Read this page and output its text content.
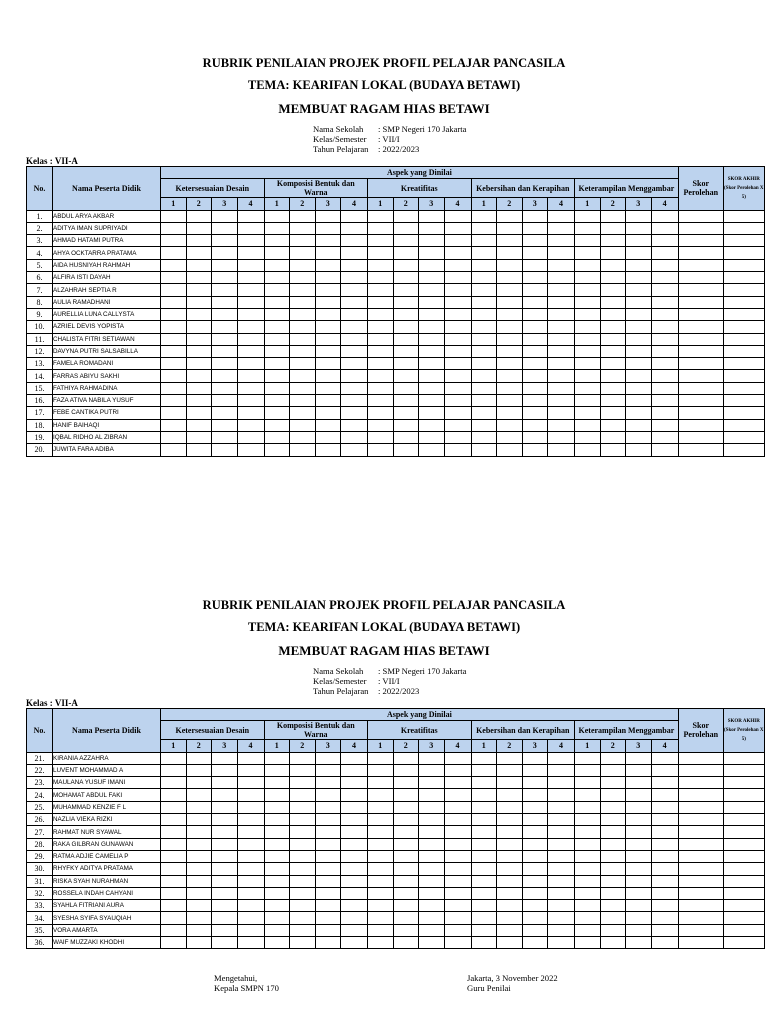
RUBRIK PENILAIAN PROJEK PROFIL PELAJAR PANCASILA
TEMA: KEARIFAN LOKAL (BUDAYA BETAWI)
MEMBUAT RAGAM HIAS BETAWI
Nama Sekolah	: SMP Negeri 170 Jakarta
Kelas/Semester	: VII/I
Tahun Pelajaran	: 2022/2023
Kelas : VII-A
No.	Nama Peserta Didik	Aspek yang Dinilai																				Skor Perolehan	SKOR AKHIR (Skor Perolehan X 5)
		Ketersesuaian Desain				Komposisi Bentuk dan Warna				Kreatifitas				Kebersihan dan Kerapihan				Keterampilan Menggambar					
		1	2	3	4	1	2	3	4	1	2	3	4	1	2	3	4	1	2	3	4		
1.	ABDUL ARYA AKBAR																						
2.	ADITYA IMAN SUPRIYADI																						
3.	AHMAD HATAMI PUTRA																						
4.	AHYA OCKTARRA PRATAMA																						
5.	AIDA HUSNIYAH RAHMAH																						
6.	ALFIRA ISTI DAYAH																						
7.	ALZAHRAH SEPTIA R																						
8.	AULIA RAMADHANI																						
9.	AURELLIA LUNA CALLYSTA																						
10.	AZRIEL DEVIS YOPISTA																						
11.	CHALISTA FITRI SETIAWAN																						
12.	DAVYNA PUTRI SALSABILLA																						
13.	FAMELA ROMADANI																						
14.	FARRAS ABIYU SAKHI																						
15.	FATHIYA RAHMADINA																						
16.	FAZA ATIVA NABILA YUSUF																						
17.	FEBE CANTIKA PUTRI																						
18.	HANIF BAIHAQI																						
19.	IQBAL RIDHO AL ZIBRAN																						
20.	JUWITA FARA ADIBA																						
RUBRIK PENILAIAN PROJEK PROFIL PELAJAR PANCASILA
TEMA: KEARIFAN LOKAL (BUDAYA BETAWI)
MEMBUAT RAGAM HIAS BETAWI
Nama Sekolah	: SMP Negeri 170 Jakarta
Kelas/Semester	: VII/I
Tahun Pelajaran	: 2022/2023
Kelas : VII-A
No.	Nama Peserta Didik	Aspek yang Dinilai																				Skor Perolehan	SKOR AKHIR (Skor Perolehan X 5)
		Ketersesuaian Desain				Komposisi Bentuk dan Warna				Kreatifitas				Kebersihan dan Kerapihan				Keterampilan Menggambar					
		1	2	3	4	1	2	3	4	1	2	3	4	1	2	3	4	1	2	3	4		
21.	KIRANIA AZZAHRA																						
22.	LUVENT MOHAMMAD A																						
23.	MAULANA YUSUF IMANI																						
24.	MOHAMAT ABDUL FAKI																						
25.	MUHAMMAD KENZIE F L																						
26.	NAZLIA VIEKA RIZKI																						
27.	RAHMAT NUR SYAWAL																						
28.	RAKA GILBRAN GUNAWAN																						
29.	RATMA ADJIE CAMELIA P																						
30.	RHYFKY ADITYA PRATAMA																						
31.	RISKA SYAH NURAHMAN																						
32.	ROSSELA INDAH CAHYANI																						
33.	SYAHLA FITRIANI AURA																						
34.	SYESHA SYIFA SYAUQIAH																						
35.	VORA AMARTA																						
36.	WAIF MUZZAKI KHODHI																						
Mengetahui,
Kepala SMPN 170
Jakarta, 3 November 2022
Guru Penilai
